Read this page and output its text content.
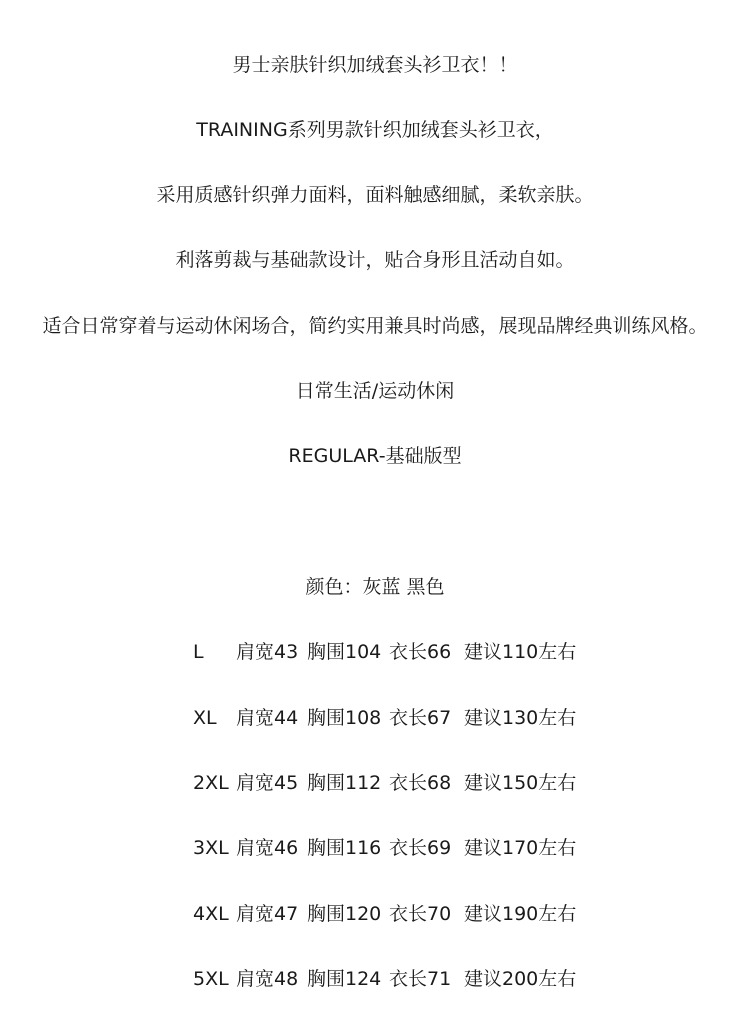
男士亲肤针织加绒套头衫卫衣！！
TRAINING系列男款针织加绒套头衫卫衣，
采用质感针织弹力面料，面料触感细腻，柔软亲肤。
利落剪裁与基础款设计，贴合身形且活动自如。
适合日常穿着与运动休闲场合，简约实用兼具时尚感，展现品牌经典训练风格。
日常生活/运动休闲
REGULAR-基础版型
颜色：灰蓝 黑色
L 肩宽43 胸围104 衣长66 建议110左右
XL 肩宽44 胸围108 衣长67 建议130左右
2XL 肩宽45 胸围112 衣长68 建议150左右
3XL 肩宽46 胸围116 衣长69 建议170左右
4XL 肩宽47 胸围120 衣长70 建议190左右
5XL 肩宽48 胸围124 衣长71 建议200左右
